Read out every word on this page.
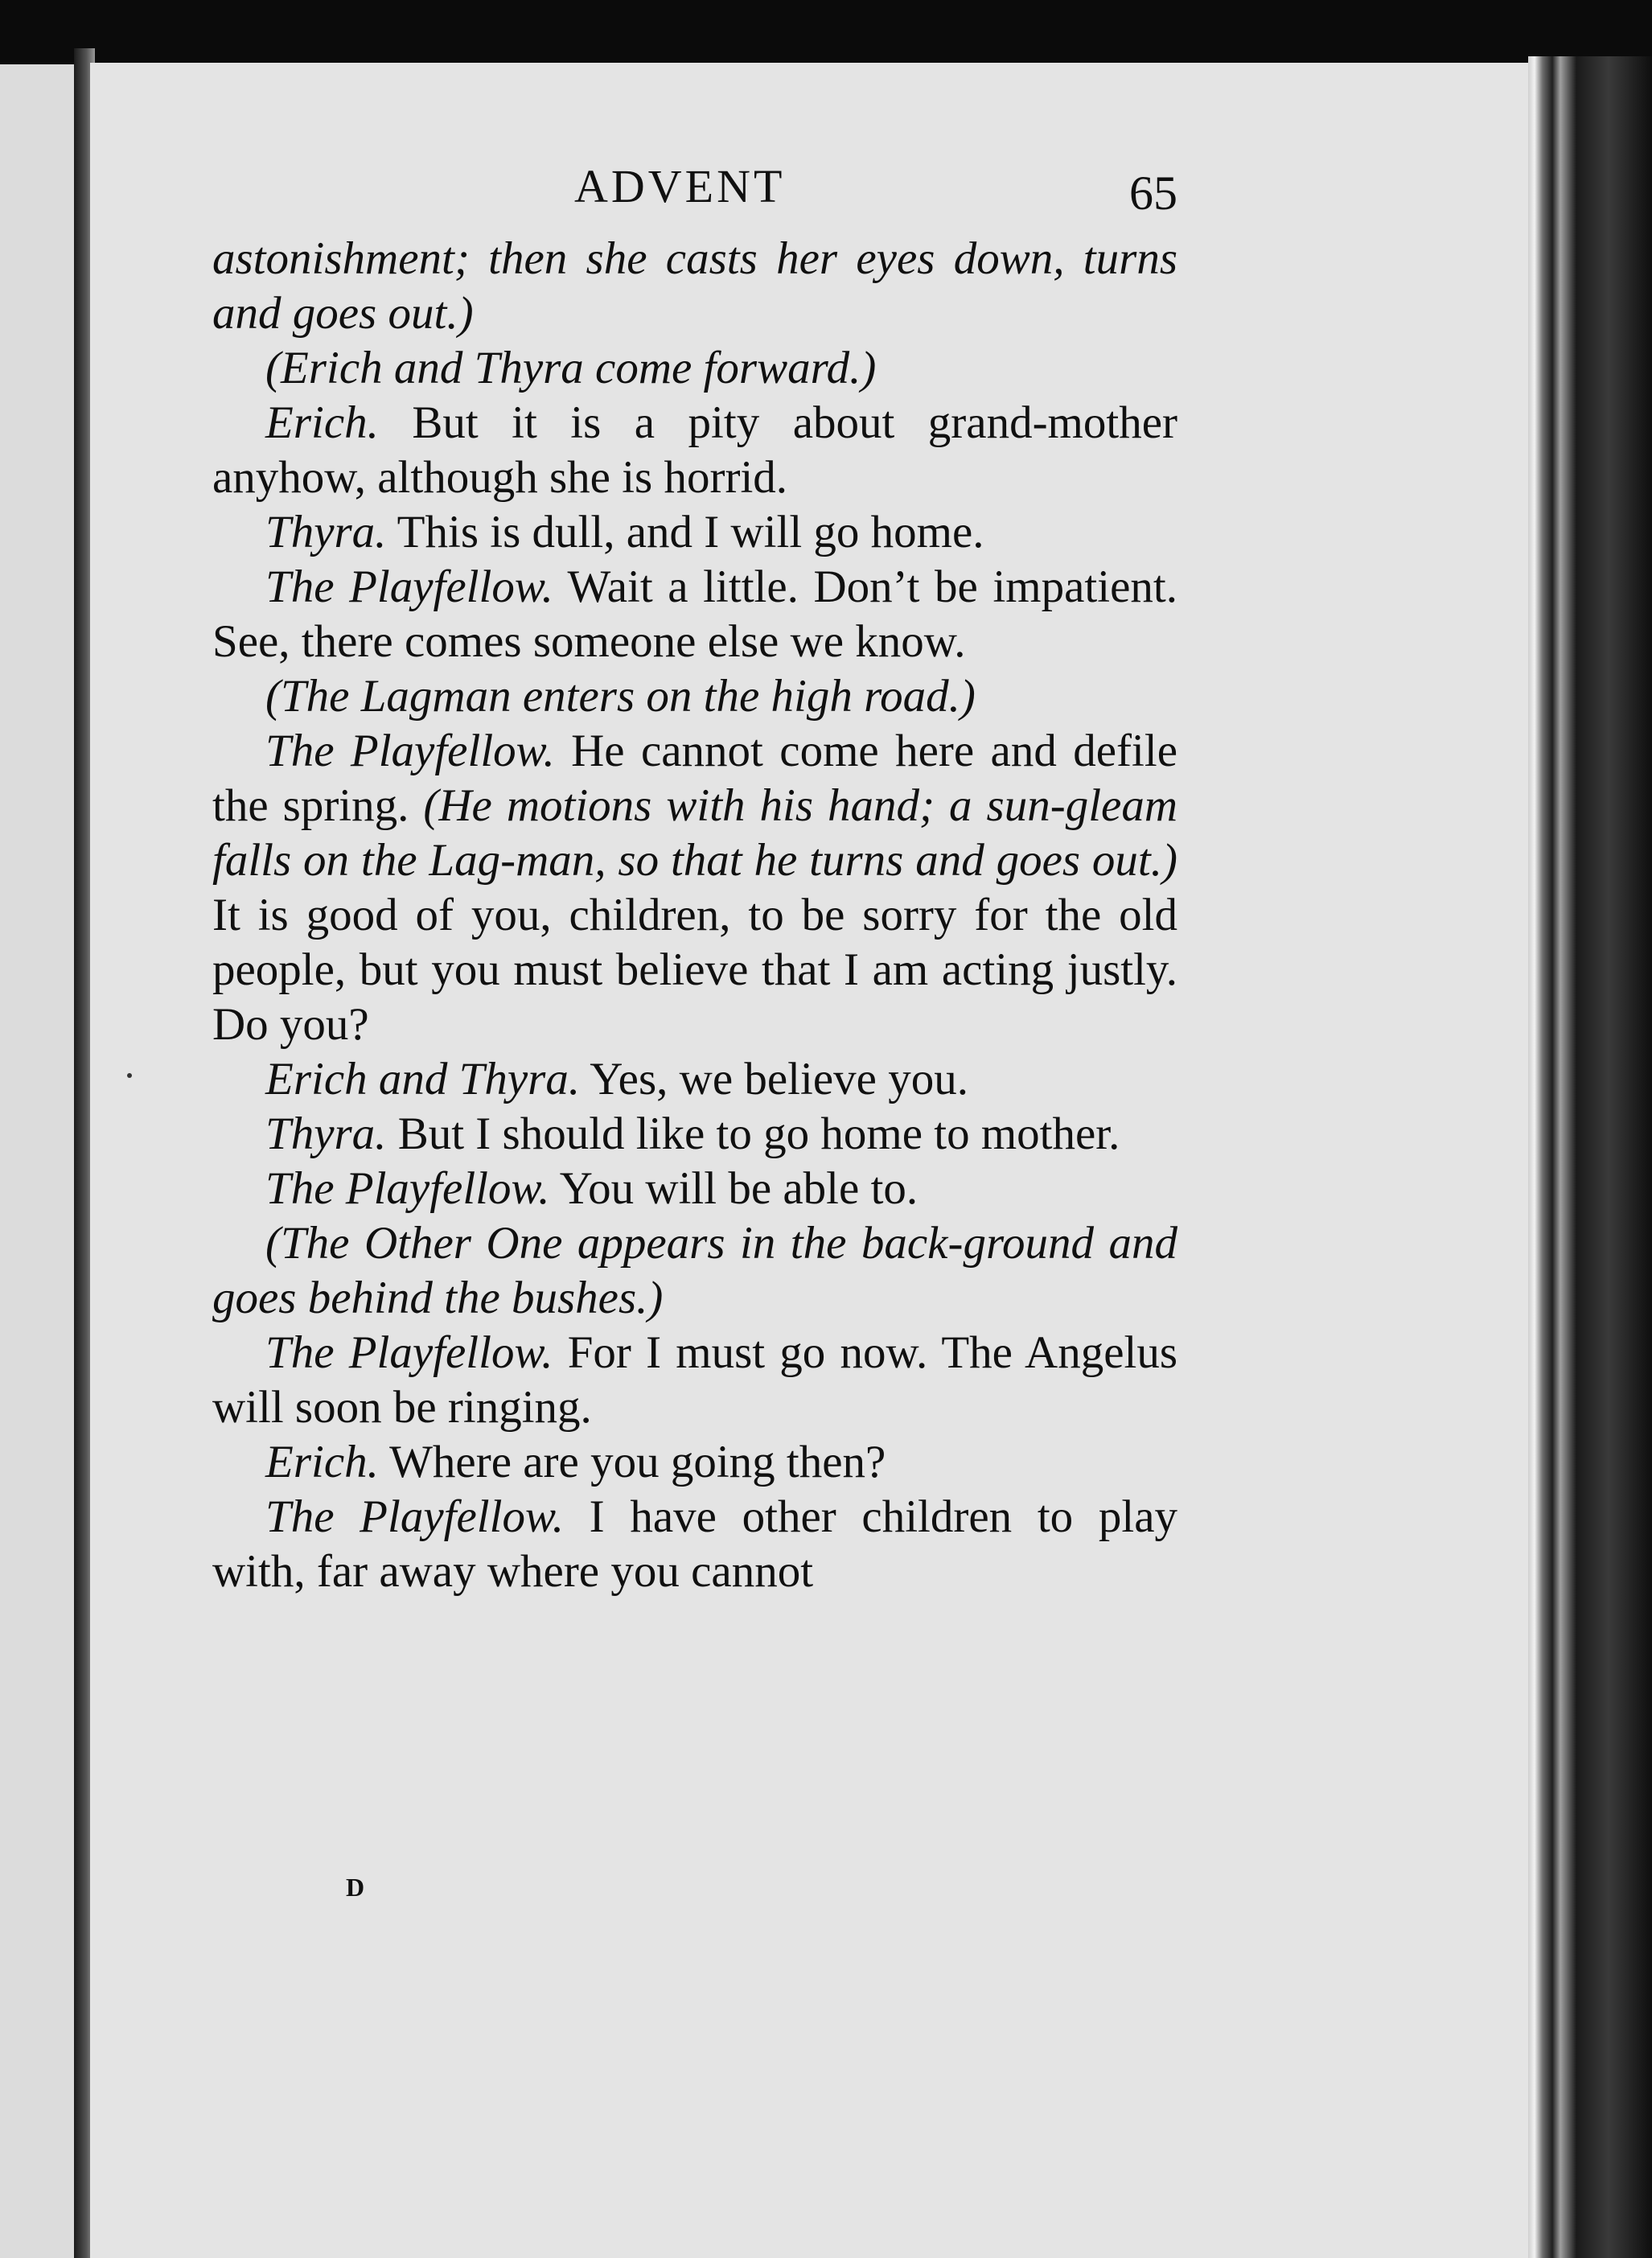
ADVENT	65

astonishment; then she casts her eyes down, turns and goes out.)

(Erich and Thyra come forward.)

Erich. But it is a pity about grand-mother anyhow, although she is horrid.

Thyra. This is dull, and I will go home.

The Playfellow. Wait a little. Don’t be impatient. See, there comes someone else we know.

(The Lagman enters on the high road.)

The Playfellow. He cannot come here and defile the spring. (He motions with his hand; a sun-gleam falls on the Lag-man, so that he turns and goes out.) It is good of you, children, to be sorry for the old people, but you must believe that I am acting justly. Do you?

Erich and Thyra. Yes, we believe you.

Thyra. But I should like to go home to mother.

The Playfellow. You will be able to.

(The Other One appears in the back-ground and goes behind the bushes.)

The Playfellow. For I must go now. The Angelus will soon be ringing.

Erich. Where are you going then?

The Playfellow. I have other children to play with, far away where you cannot

D
